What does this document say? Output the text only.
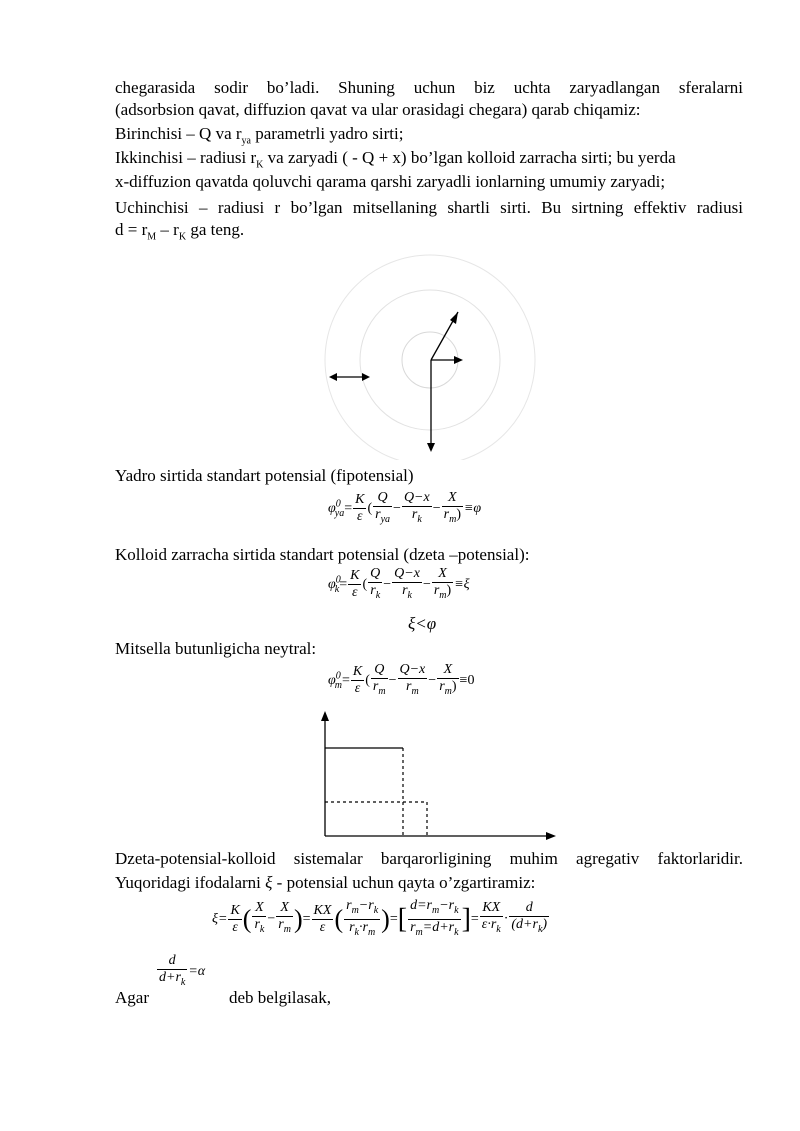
chegarasida sodir bo’ladi. Shuning uchun biz uchta zaryadlangan sferalarni
(adsorbsion qavat, diffuzion qavat va ular orasidagi chegara) qarab chiqamiz:
Birinchisi – Q va $r_{ya}$ parametrli yadro sirti;
Ikkinchisi – radiusi $r_K$ va zaryadi ( - Q + x) bo’lgan kolloid zarracha sirti; bu yerda
x-diffuzion qavatda qoluvchi qarama qarshi zaryadli ionlarning umumiy zaryadi;
Uchinchisi – radiusi r bo’lgan mitsellaning shartli sirti. Bu sirtning effektiv radiusi
$d = r_M - r_K$ ga teng.
Yadro sirtida standart potensial (fipotensial)
$\varphi^0_{ya}= \frac{K}{\varepsilon}$ ( $\frac{Q}{r_{ya}} - \frac{Q-x}{r_k} - \frac{X}{r_m)} \equiv\varphi$
Kolloid zarracha sirtida standart potensial (dzeta –potensial):
$\varphi^0_k= \frac{K}{\varepsilon}$ ( $\frac{Q}{r_k} - \frac{Q-x}{r_k} - \frac{X}{r_m)} \equiv\xi$
ξ<φ
Mitsella butunligicha neytral:
$\varphi^0_m= \frac{K}{\varepsilon}$ ( $\frac{Q}{r_m} - \frac{Q-x}{r_m} - \frac{X}{r_m)} \equiv 0$
Dzeta-potensial-kolloid sistemalar barqarorligining muhim agregativ faktorlaridir.
Yuqoridagi ifodalarni ξ - potensial uchun qayta o’zgartiramiz:
$\xi= \frac{K}{\varepsilon}$ ( $\frac{X}{r_k} - \frac{X}{r_m}$ )= $\frac{KX}{\varepsilon}$ ( $\frac{r_m-r_k}{r_k\cdot r_m}$ )=[ $\frac{d=r_m-r_k}{r_m=d+r_k}$ ]= $\frac{KX}{\varepsilon\cdot r_k} \cdot \frac{d}{(d+r_k)}$
Agar
$\frac{d}{d+r_k} =\alpha$
deb belgilasak,
